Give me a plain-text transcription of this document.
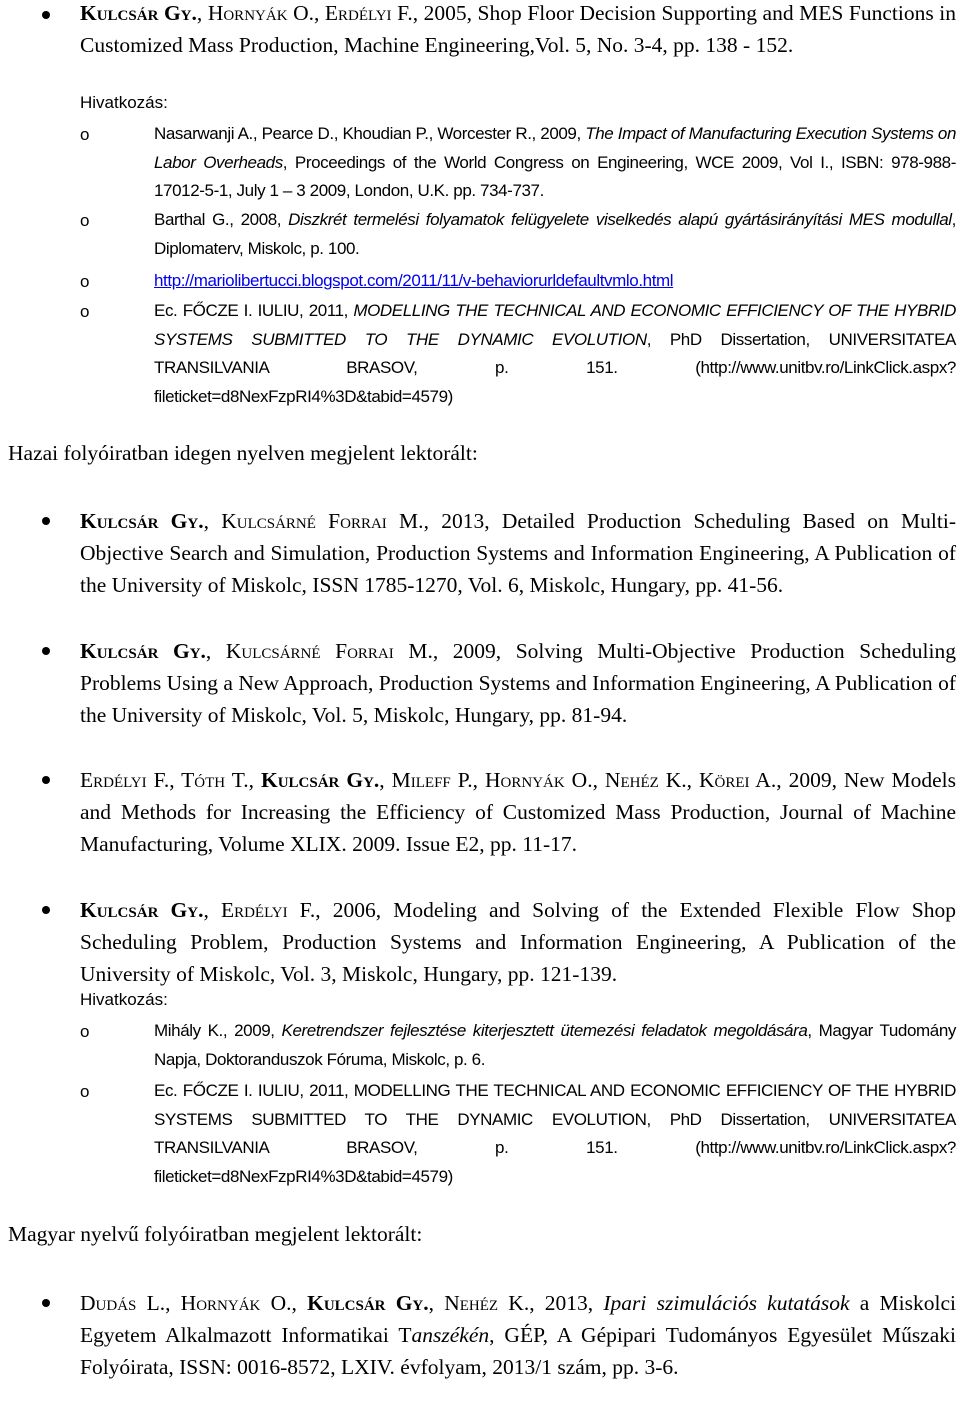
Kulcsár Gy., Hornyák O., Erdélyi F., 2005, Shop Floor Decision Supporting and MES Functions in Customized Mass Production, Machine Engineering,Vol. 5, No. 3-4, pp. 138 - 152.
Hivatkozás:
o	Nasarwanji A., Pearce D., Khoudian P., Worcester R., 2009, The Impact of Manufacturing Execution Systems on Labor Overheads, Proceedings of the World Congress on Engineering, WCE 2009, Vol I., ISBN: 978-988-17012-5-1, July 1 – 3 2009, London, U.K. pp. 734-737.
o	Barthal G., 2008, Diszkrét termelési folyamatok felügyelete viselkedés alapú gyártásirányítási MES modullal, Diplomaterv, Miskolc, p. 100.
o	http://mariolibertucci.blogspot.com/2011/11/v-behaviorurldefaultvmlo.html
o	Ec. FŐCZE I. IULIU, 2011, MODELLING THE TECHNICAL AND ECONOMIC EFFICIENCY OF THE HYBRID SYSTEMS SUBMITTED TO THE DYNAMIC EVOLUTION, PhD Dissertation, UNIVERSITATEA TRANSILVANIA BRASOV, p. 151. (http://www.unitbv.ro/LinkClick.aspx?fileticket=d8NexFzpRI4%3D&tabid=4579)
Hazai folyóiratban idegen nyelven megjelent lektorált:
Kulcsár Gy., Kulcsárné Forrai M., 2013, Detailed Production Scheduling Based on Multi-Objective Search and Simulation, Production Systems and Information Engineering, A Publication of the University of Miskolc, ISSN 1785-1270, Vol. 6, Miskolc, Hungary, pp. 41-56.
Kulcsár Gy., Kulcsárné Forrai M., 2009, Solving Multi-Objective Production Scheduling Problems Using a New Approach, Production Systems and Information Engineering, A Publication of the University of Miskolc, Vol. 5, Miskolc, Hungary, pp. 81-94.
Erdélyi F., Tóth T., Kulcsár Gy., Mileff P., Hornyák O., Nehéz K., Körei A., 2009, New Models and Methods for Increasing the Efficiency of Customized Mass Production, Journal of Machine Manufacturing, Volume XLIX. 2009. Issue E2, pp. 11-17.
Kulcsár Gy., Erdélyi F., 2006, Modeling and Solving of the Extended Flexible Flow Shop Scheduling Problem, Production Systems and Information Engineering, A Publication of the University of Miskolc, Vol. 3, Miskolc, Hungary, pp. 121-139.
Hivatkozás:
o	Mihály K., 2009, Keretrendszer fejlesztése kiterjesztett ütemezési feladatok megoldására, Magyar Tudomány Napja, Doktoranduszok Fóruma, Miskolc, p. 6.
o	Ec. FŐCZE I. IULIU, 2011, MODELLING THE TECHNICAL AND ECONOMIC EFFICIENCY OF THE HYBRID SYSTEMS SUBMITTED TO THE DYNAMIC EVOLUTION, PhD Dissertation, UNIVERSITATEA TRANSILVANIA BRASOV, p. 151. (http://www.unitbv.ro/LinkClick.aspx?fileticket=d8NexFzpRI4%3D&tabid=4579)
Magyar nyelvű folyóiratban megjelent lektorált:
Dudás L., Hornyák O., Kulcsár Gy., Nehéz K., 2013, Ipari szimulációs kutatások a Miskolci Egyetem Alkalmazott Informatikai Tanszékén, GÉP, A Gépipari Tudományos Egyesület Műszaki Folyóirata, ISSN: 0016-8572, LXIV. évfolyam, 2013/1 szám, pp. 3-6.
